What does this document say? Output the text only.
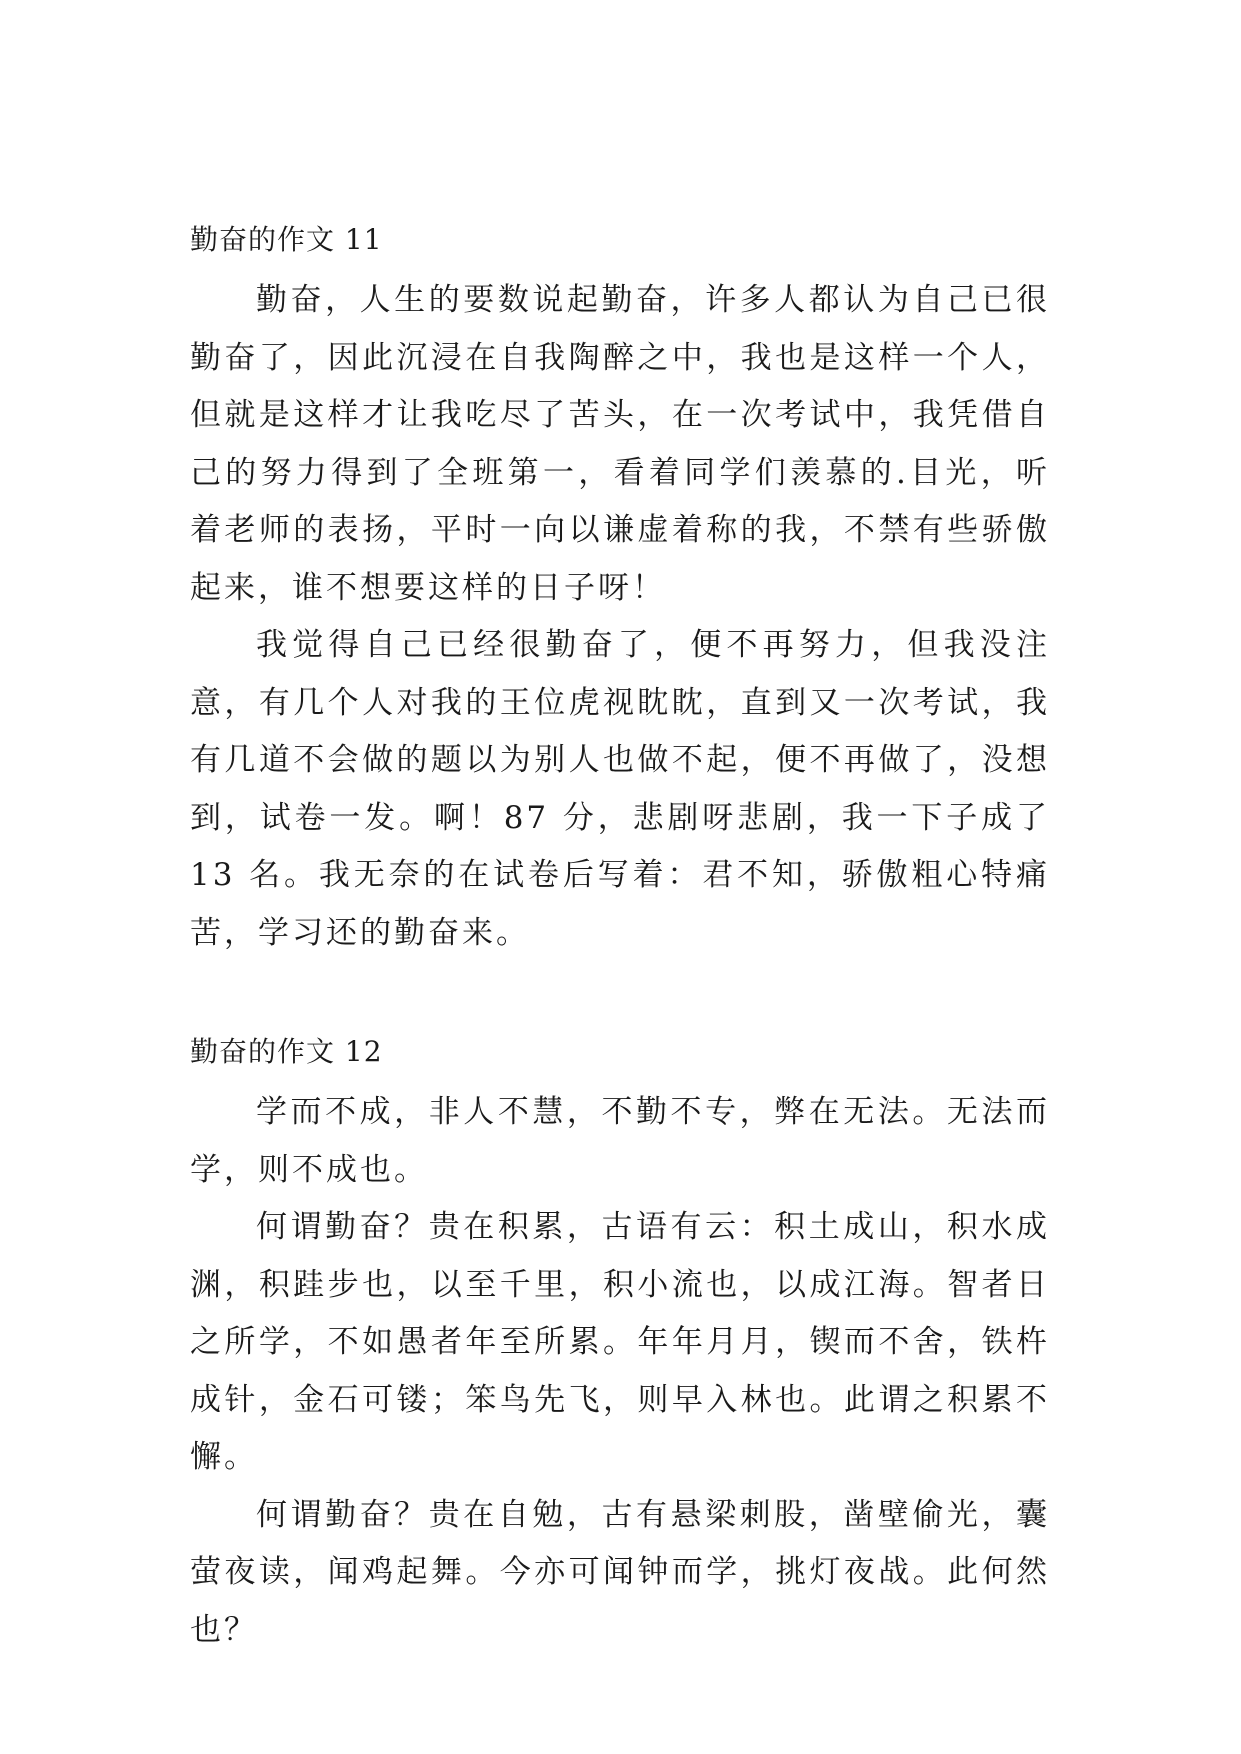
勤奋的作文 11

勤奋，人生的要数说起勤奋，许多人都认为自己已很勤奋了，因此沉浸在自我陶醉之中，我也是这样一个人，但就是这样才让我吃尽了苦头，在一次考试中，我凭借自己的努力得到了全班第一，看着同学们羡慕的.目光，听着老师的表扬，平时一向以谦虚着称的我，不禁有些骄傲起来，谁不想要这样的日子呀！

我觉得自己已经很勤奋了，便不再努力，但我没注意，有几个人对我的王位虎视眈眈，直到又一次考试，我有几道不会做的题以为别人也做不起，便不再做了，没想到，试卷一发。啊！87 分，悲剧呀悲剧，我一下子成了 13 名。我无奈的在试卷后写着：君不知，骄傲粗心特痛苦，学习还的勤奋来。

勤奋的作文 12

学而不成，非人不慧，不勤不专，弊在无法。无法而学，则不成也。

何谓勤奋？贵在积累，古语有云：积土成山，积水成渊，积跬步也，以至千里，积小流也，以成江海。智者日之所学，不如愚者年至所累。年年月月，锲而不舍，铁杵成针，金石可镂；笨鸟先飞，则早入林也。此谓之积累不懈。

何谓勤奋？贵在自勉，古有悬梁刺股，凿壁偷光，囊萤夜读，闻鸡起舞。今亦可闻钟而学，挑灯夜战。此何然也？
